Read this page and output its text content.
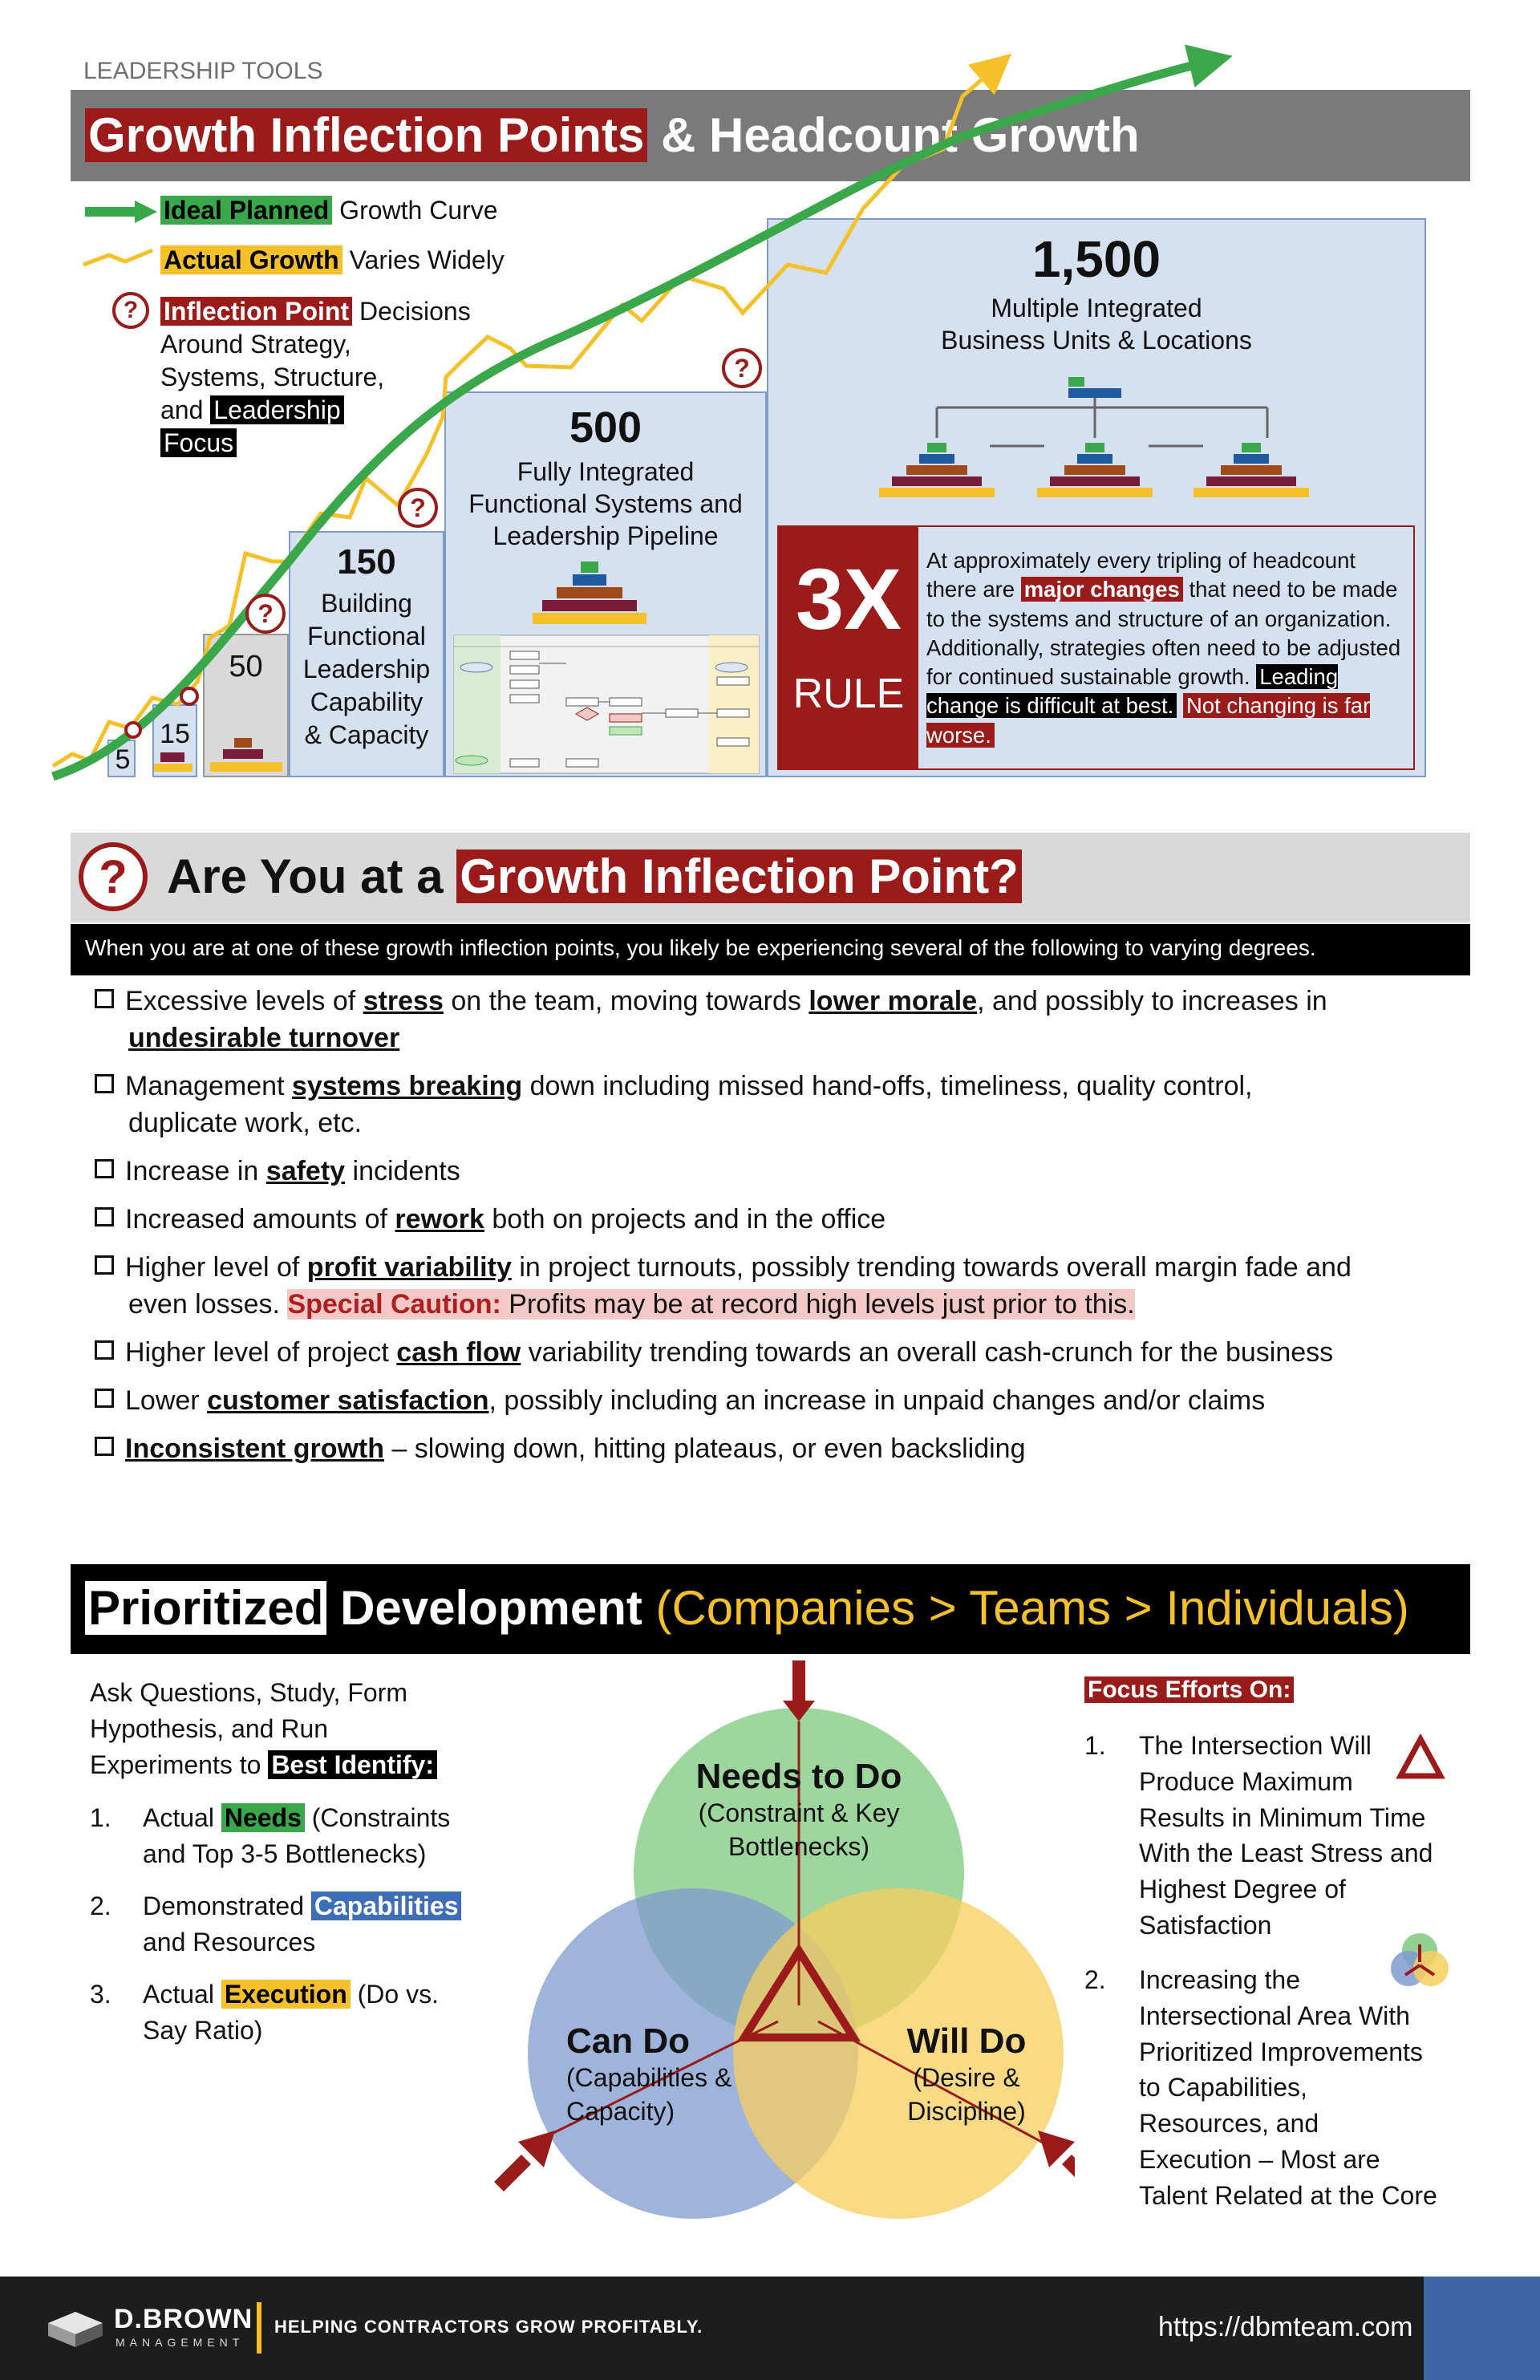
LEADERSHIP TOOLS
Growth Inflection Points & Headcount Growth
5
15
50
150
Building
Functional
Leadership
Capability
& Capacity
500
Fully Integrated
Functional Systems and
Leadership Pipeline
1,500
Multiple Integrated
Business Units & Locations
3X
RULE
At approximately every tripling of headcount there are major changes that need to be made to the systems and structure of an organization. Additionally, strategies often need to be adjusted for continued sustainable growth. Leading change is difficult at best. Not changing is far worse.
?
?
?
Ideal Planned Growth Curve
Actual Growth Varies Widely
? Inflection Point Decisions
Around Strategy,
Systems, Structure,
and Leadership
Focus
? Are You at a Growth Inflection Point?
When you are at one of these growth inflection points, you likely be experiencing several of the following to varying degrees.
Excessive levels of stress on the team, moving towards lower morale, and possibly to increases in
undesirable turnover
Management systems breaking down including missed hand-offs, timeliness, quality control,
duplicate work, etc.
Increase in safety incidents
Increased amounts of rework both on projects and in the office
Higher level of profit variability in project turnouts, possibly trending towards overall margin fade and
even losses. Special Caution: Profits may be at record high levels just prior to this.
Higher level of project cash flow variability trending towards an overall cash-crunch for the business
Lower customer satisfaction, possibly including an increase in unpaid changes and/or claims
Inconsistent growth – slowing down, hitting plateaus, or even backsliding
Prioritized Development (Companies > Teams > Individuals)
Ask Questions, Study, Form
Hypothesis, and Run
Experiments to Best Identify:
1. Actual Needs (Constraints
and Top 3-5 Bottlenecks)
2. Demonstrated Capabilities
and Resources
3. Actual Execution (Do vs.
Say Ratio)
Needs to Do
(Constraint & Key
Bottlenecks)
Can Do
(Capabilities &
Capacity)
Will Do
(Desire &
Discipline)
Focus Efforts On:
1. The Intersection Will
Produce Maximum
Results in Minimum Time
With the Least Stress and
Highest Degree of
Satisfaction
2. Increasing the
Intersectional Area With
Prioritized Improvements
to Capabilities,
Resources, and
Execution – Most are
Talent Related at the Core
D.BROWN
MANAGEMENT
HELPING CONTRACTORS GROW PROFITABLY.	https://dbmteam.com
